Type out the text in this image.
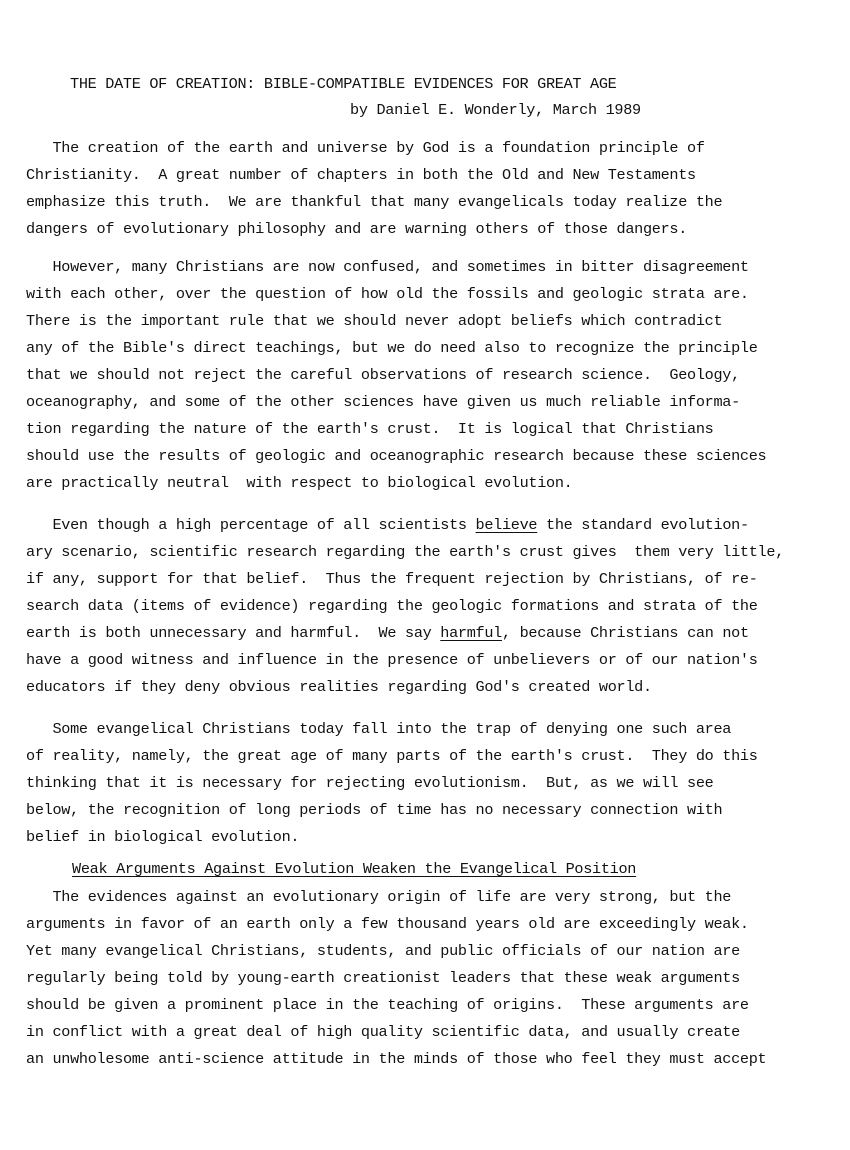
THE DATE OF CREATION: BIBLE-COMPATIBLE EVIDENCES FOR GREAT AGE
by Daniel E. Wonderly, March 1989
The creation of the earth and universe by God is a foundation principle of
Christianity.  A great number of chapters in both the Old and New Testaments
emphasize this truth.  We are thankful that many evangelicals today realize the
dangers of evolutionary philosophy and are warning others of those dangers.
However, many Christians are now confused, and sometimes in bitter disagreement
with each other, over the question of how old the fossils and geologic strata are.
There is the important rule that we should never adopt beliefs which contradict
any of the Bible's direct teachings, but we do need also to recognize the principle
that we should not reject the careful observations of research science.  Geology,
oceanography, and some of the other sciences have given us much reliable informa-
tion regarding the nature of the earth's crust.  It is logical that Christians
should use the results of geologic and oceanographic research because these sciences
are practically neutral  with respect to biological evolution.
Even though a high percentage of all scientists believe the standard evolution-
ary scenario, scientific research regarding the earth's crust gives  them very little,
if any, support for that belief.  Thus the frequent rejection by Christians, of re-
search data (items of evidence) regarding the geologic formations and strata of the
earth is both unnecessary and harmful.  We say harmful, because Christians can not
have a good witness and influence in the presence of unbelievers or of our nation's
educators if they deny obvious realities regarding God's created world.
Some evangelical Christians today fall into the trap of denying one such area
of reality, namely, the great age of many parts of the earth's crust.  They do this
thinking that it is necessary for rejecting evolutionism.  But, as we will see
below, the recognition of long periods of time has no necessary connection with
belief in biological evolution.
Weak Arguments Against Evolution Weaken the Evangelical Position
The evidences against an evolutionary origin of life are very strong, but the
arguments in favor of an earth only a few thousand years old are exceedingly weak.
Yet many evangelical Christians, students, and public officials of our nation are
regularly being told by young-earth creationist leaders that these weak arguments
should be given a prominent place in the teaching of origins.  These arguments are
in conflict with a great deal of high quality scientific data, and usually create
an unwholesome anti-science attitude in the minds of those who feel they must accept
